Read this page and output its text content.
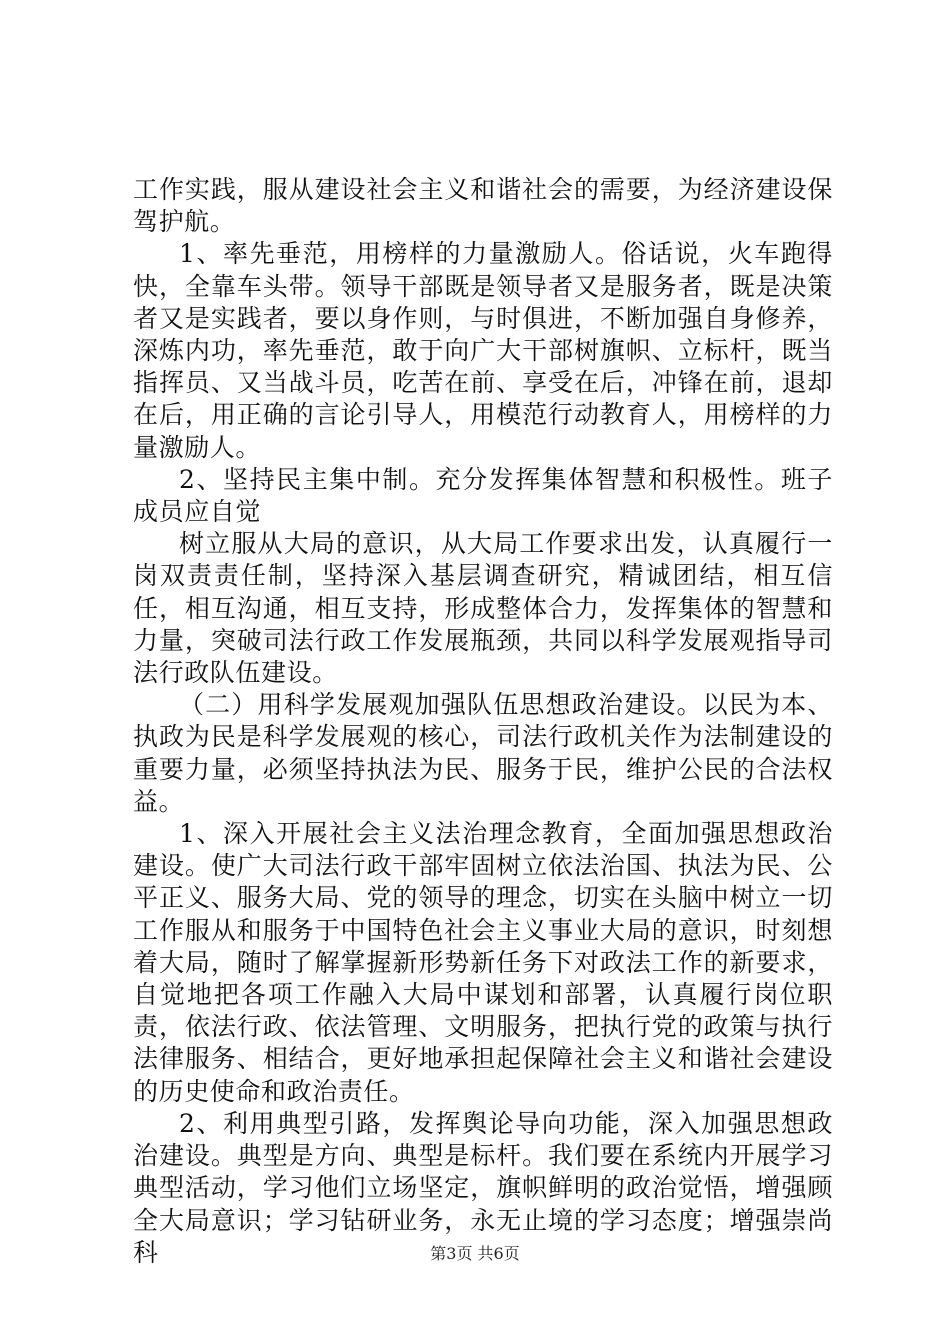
工作实践，服从建设社会主义和谐社会的需要，为经济建设保驾护航。

1、率先垂范，用榜样的力量激励人。俗话说，火车跑得快，全靠车头带。领导干部既是领导者又是服务者，既是决策者又是实践者，要以身作则，与时俱进，不断加强自身修养，深炼内功，率先垂范，敢于向广大干部树旗帜、立标杆，既当指挥员、又当战斗员，吃苦在前、享受在后，冲锋在前，退却在后，用正确的言论引导人，用模范行动教育人，用榜样的力量激励人。

2、坚持民主集中制。充分发挥集体智慧和积极性。班子成员应自觉

树立服从大局的意识，从大局工作要求出发，认真履行一岗双责责任制，坚持深入基层调查研究，精诚团结，相互信任，相互沟通，相互支持，形成整体合力，发挥集体的智慧和力量，突破司法行政工作发展瓶颈，共同以科学发展观指导司法行政队伍建设。

（二）用科学发展观加强队伍思想政治建设。以民为本、执政为民是科学发展观的核心，司法行政机关作为法制建设的重要力量，必须坚持执法为民、服务于民，维护公民的合法权益。

1、深入开展社会主义法治理念教育，全面加强思想政治建设。使广大司法行政干部牢固树立依法治国、执法为民、公平正义、服务大局、党的领导的理念，切实在头脑中树立一切工作服从和服务于中国特色社会主义事业大局的意识，时刻想着大局，随时了解掌握新形势新任务下对政法工作的新要求，自觉地把各项工作融入大局中谋划和部署，认真履行岗位职责，依法行政、依法管理、文明服务，把执行党的政策与执行法律服务、相结合，更好地承担起保障社会主义和谐社会建设的历史使命和政治责任。

2、利用典型引路，发挥舆论导向功能，深入加强思想政治建设。典型是方向、典型是标杆。我们要在系统内开展学习典型活动，学习他们立场坚定，旗帜鲜明的政治觉悟，增强顾全大局意识；学习钻研业务，永无止境的学习态度；增强崇尚科	第3页 共6页
